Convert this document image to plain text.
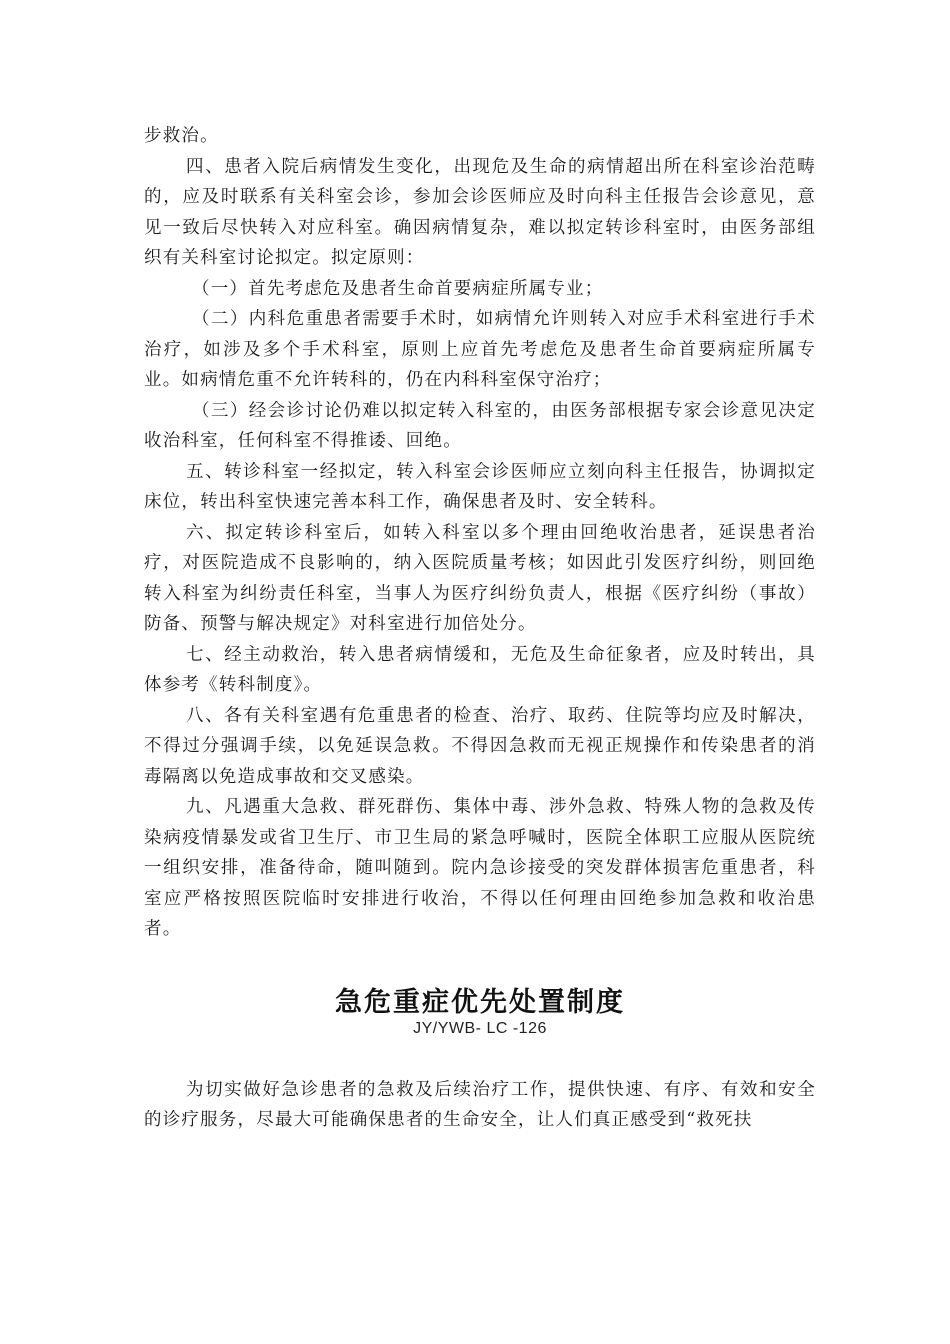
步救治。

四、患者入院后病情发生变化，出现危及生命的病情超出所在科室诊治范畴的，应及时联系有关科室会诊，参加会诊医师应及时向科主任报告会诊意见，意见一致后尽快转入对应科室。确因病情复杂，难以拟定转诊科室时，由医务部组织有关科室讨论拟定。拟定原则：

（一）首先考虑危及患者生命首要病症所属专业；

（二）内科危重患者需要手术时，如病情允许则转入对应手术科室进行手术治疗，如涉及多个手术科室，原则上应首先考虑危及患者生命首要病症所属专业。如病情危重不允许转科的，仍在内科科室保守治疗；

（三）经会诊讨论仍难以拟定转入科室的，由医务部根据专家会诊意见决定收治科室，任何科室不得推诿、回绝。

五、转诊科室一经拟定，转入科室会诊医师应立刻向科主任报告，协调拟定床位，转出科室快速完善本科工作，确保患者及时、安全转科。

六、拟定转诊科室后，如转入科室以多个理由回绝收治患者，延误患者治疗，对医院造成不良影响的，纳入医院质量考核；如因此引发医疗纠纷，则回绝转入科室为纠纷责任科室，当事人为医疗纠纷负责人，根据《医疗纠纷（事故）防备、预警与解决规定》对科室进行加倍处分。

七、经主动救治，转入患者病情缓和，无危及生命征象者，应及时转出，具体参考《转科制度》。

八、各有关科室遇有危重患者的检查、治疗、取药、住院等均应及时解决，不得过分强调手续，以免延误急救。不得因急救而无视正规操作和传染患者的消毒隔离以免造成事故和交叉感染。

九、凡遇重大急救、群死群伤、集体中毒、涉外急救、特殊人物的急救及传染病疫情暴发或省卫生厅、市卫生局的紧急呼喊时，医院全体职工应服从医院统一组织安排，准备待命，随叫随到。院内急诊接受的突发群体损害危重患者，科室应严格按照医院临时安排进行收治，不得以任何理由回绝参加急救和收治患者。

急危重症优先处置制度
JY/YWB- LC -126

为切实做好急诊患者的急救及后续治疗工作，提供快速、有序、有效和安全的诊疗服务，尽最大可能确保患者的生命安全，让人们真正感受到“救死扶
